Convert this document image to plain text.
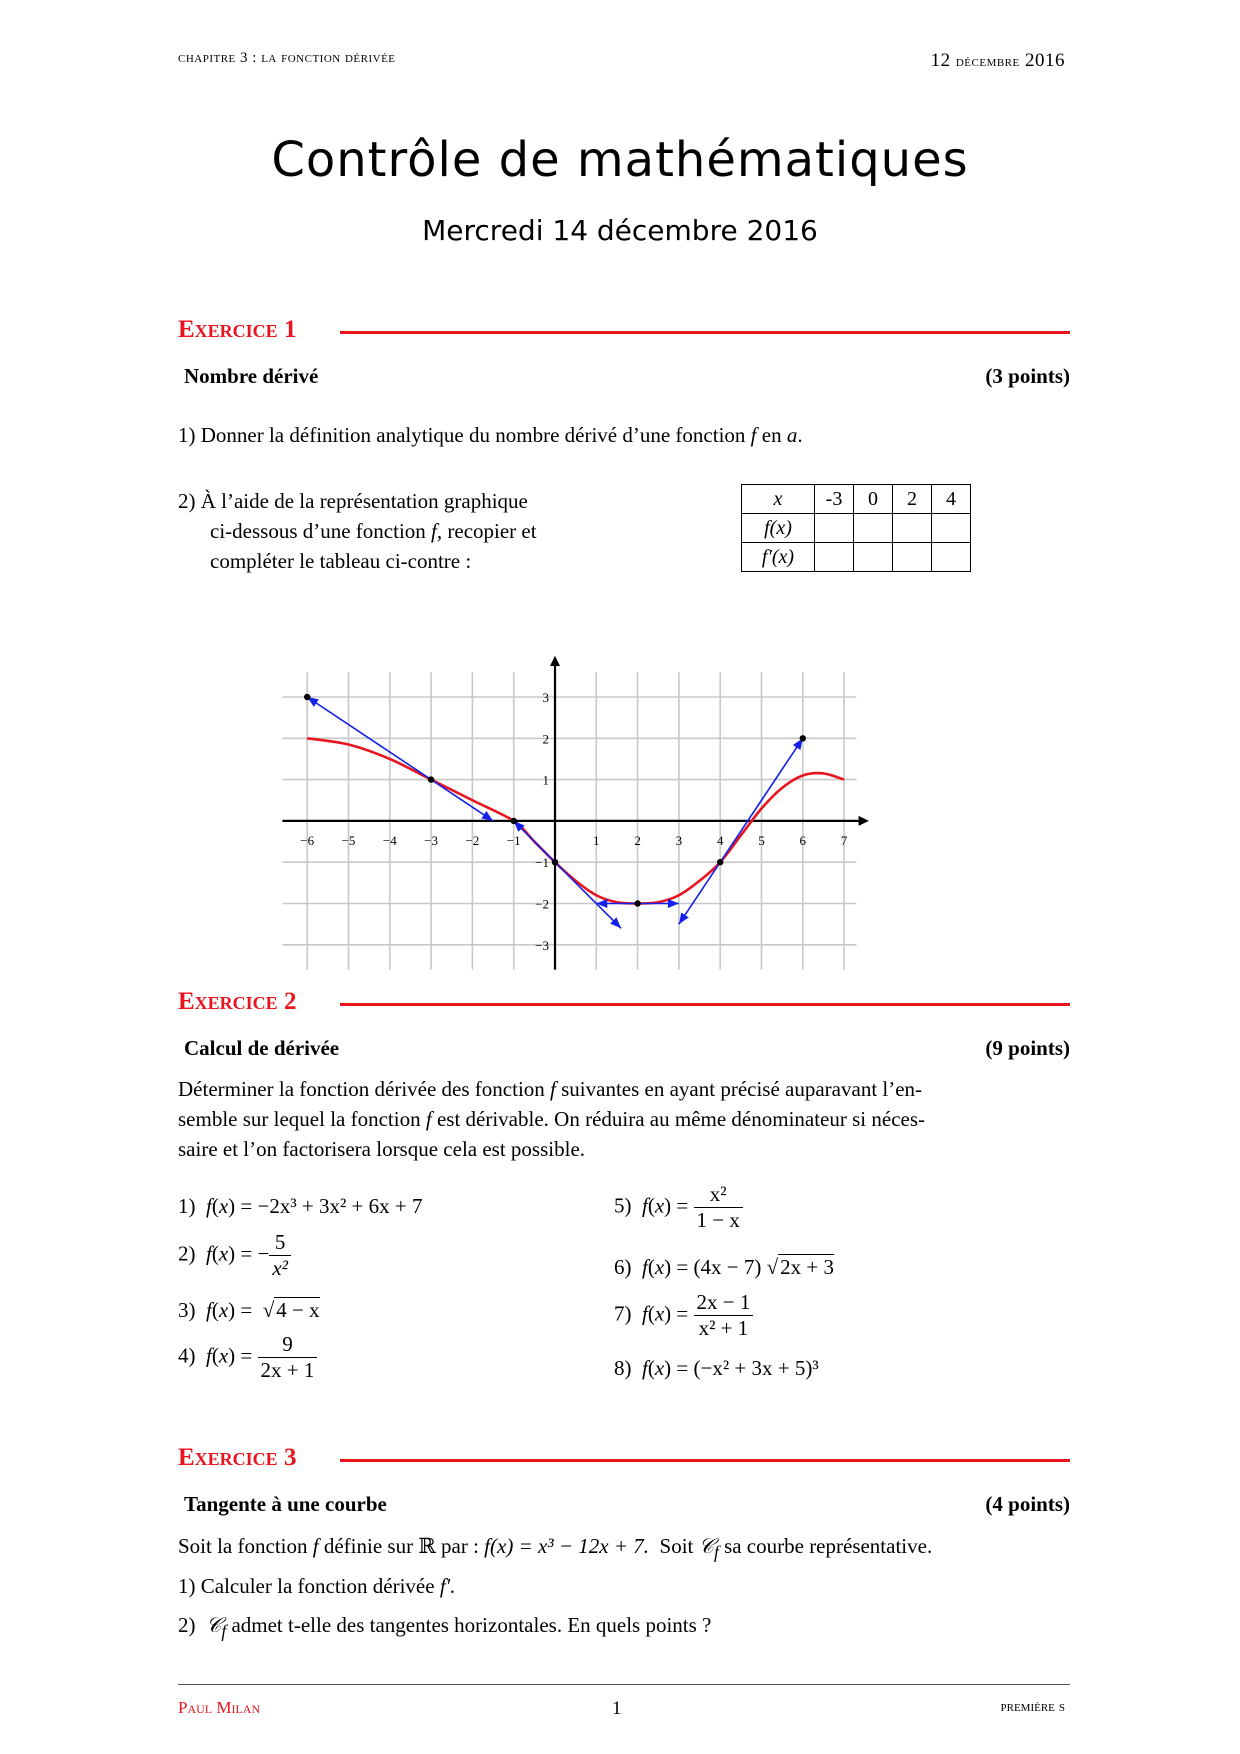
chapitre 3 : la fonction dérivée	12 décembre 2016
Contrôle de mathématiques
Mercredi 14 décembre 2016
Exercice 1
Nombre dérivé	(3 points)
1) Donner la définition analytique du nombre dérivé d’une fonction f en a.
2) À l’aide de la représentation graphique
ci-dessous d’une fonction f, recopier et
compléter le tableau ci-contre :
x	-3	0	2	4
f(x)				
f′(x)				
−6 −5 −4 −3 −2 −1	1	2	3	4	5	6	7
−3
−2
−1
1
2
3
Exercice 2
Calcul de dérivée	(9 points)
Déterminer la fonction dérivée des fonction f suivantes en ayant précisé auparavant l’en-
semble sur lequel la fonction f est dérivable. On réduira au même dénominateur si néces-
saire et l’on factorisera lorsque cela est possible.
1) f(x) = −2x³ + 3x² + 6x + 7
2) f(x) = − $\frac{5}{\text{x²}}$
3) f(x) =  √4 − x
4) $f(x) = \frac{9}{2x + 1}$
5) $f(x) = \frac{\text{x²}}{1 - x}$
6) f(x) = (4x − 7) √2x + 3
7) $f(x) = \frac{2x - 1}{\text{x² + 1}}$
8) f(x) = (−x² + 3x + 5)³
Exercice 3
Tangente à une courbe	(4 points)
Soit la fonction f définie sur ℝ par : f(x) = x³ − 12x + 7. Soit 𝒞$_f$ sa courbe représentative.
1) Calculer la fonction dérivée f′.
2) 𝒞$_f$ admet t-elle des tangentes horizontales. En quels points ?
Paul Milan	1	première s
